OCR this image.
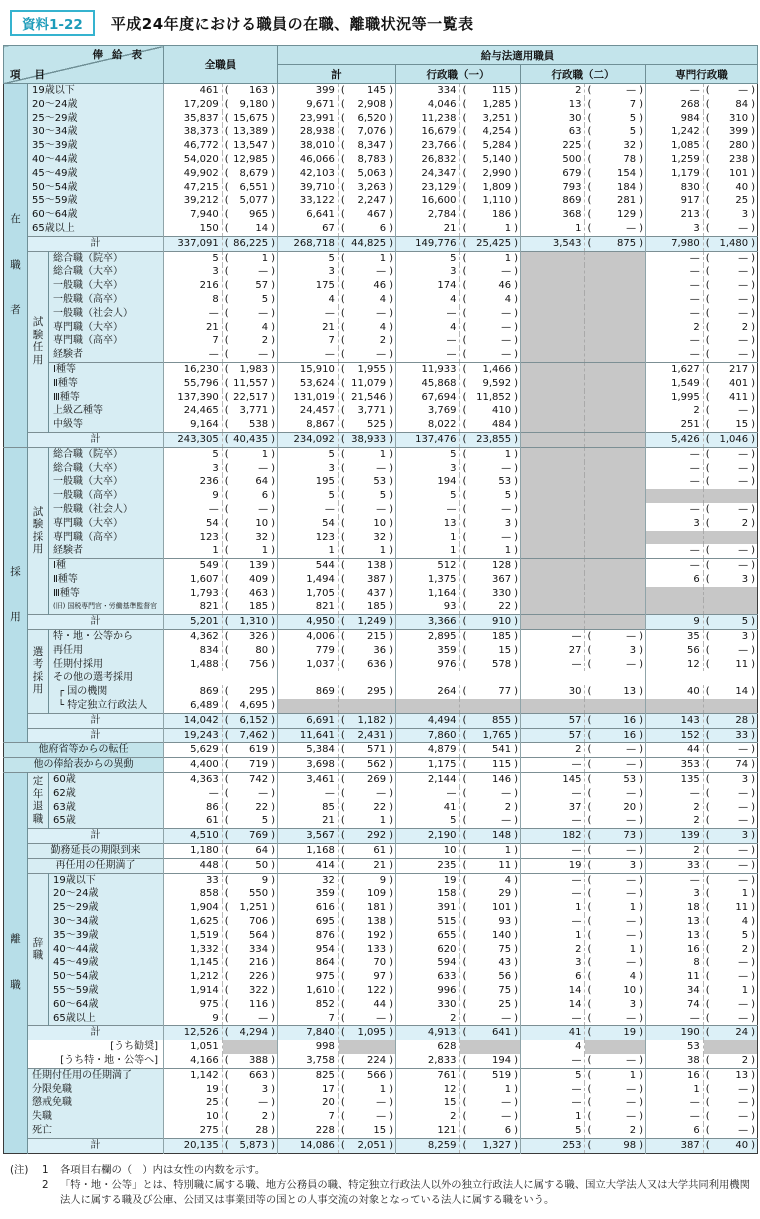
資料1-22	平成24年度における職員の在職、離職状況等一覧表
俸給表
項目			全職員	給与法適用職員			
				計	行政職（一）	行政職（二）	専門行政職

在
職
者	19歳以下		461 ( 163 )	399 ( 145 )	334 ( 115 )	2 ( — )	— ( — )

	20〜24歳		17,209 ( 9,180 )	9,671 ( 2,908 )	4,046 ( 1,285 )	13 ( 7 )	268 ( 84 )

	25〜29歳		35,837 ( 15,675 )	23,991 ( 6,520 )	11,238 ( 3,251 )	30 ( 5 )	984 ( 310 )

	30〜34歳		38,373 ( 13,389 )	28,938 ( 7,076 )	16,679 ( 4,254 )	63 ( 5 )	1,242 ( 399 )

	35〜39歳		46,772 ( 13,547 )	38,010 ( 8,347 )	23,766 ( 5,284 )	225 ( 32 )	1,085 ( 280 )

	40〜44歳		54,020 ( 12,985 )	46,066 ( 8,783 )	26,832 ( 5,140 )	500 ( 78 )	1,259 ( 238 )

	45〜49歳		49,902 ( 8,679 )	42,103 ( 5,063 )	24,347 ( 2,990 )	679 ( 154 )	1,179 ( 101 )

	50〜54歳		47,215 ( 6,551 )	39,710 ( 3,263 )	23,129 ( 1,809 )	793 ( 184 )	830 ( 40 )

	55〜59歳		39,212 ( 5,077 )	33,122 ( 2,247 )	16,600 ( 1,110 )	869 ( 281 )	917 ( 25 )

	60〜64歳		7,940 ( 965 )	6,641 ( 467 )	2,784 ( 186 )	368 ( 129 )	213 ( 3 )

	65歳以上		150 ( 14 )	67 ( 6 )	21 ( 1 )	1 ( — )	3 ( — )

	計		337,091 ( 86,225 )	268,718 ( 44,825 )	149,776 ( 25,425 )	3,543 ( 875 )	7,980 ( 1,480 )

	試
験
任
用	総合職（院卒）	5 ( 1 )	5 ( 1 )	5 ( 1 )		— ( — )

		総合職（大卒）	3 ( — )	3 ( — )	3 ( — )		— ( — )

		一般職（大卒）	216 ( 57 )	175 ( 46 )	174 ( 46 )		— ( — )

		一般職（高卒）	8 ( 5 )	4 ( 4 )	4 ( 4 )		— ( — )

		一般職（社会人）	— ( — )	— ( — )	— ( — )		— ( — )

		専門職（大卒）	21 ( 4 )	21 ( 4 )	4 ( — )		2 ( 2 )

		専門職（高卒）	7 ( 2 )	7 ( 2 )	— ( — )		— ( — )

		経験者	— ( — )	— ( — )	— ( — )		— ( — )

		Ⅰ種等	16,230 ( 1,983 )	15,910 ( 1,955 )	11,933 ( 1,466 )		1,627 ( 217 )

		Ⅱ種等	55,796 ( 11,557 )	53,624 ( 11,079 )	45,868 ( 9,592 )		1,549 ( 401 )

		Ⅲ種等	137,390 ( 22,517 )	131,019 ( 21,546 )	67,694 ( 11,852 )		1,995 ( 411 )

		上級乙種等	24,465 ( 3,771 )	24,457 ( 3,771 )	3,769 ( 410 )		2 ( — )

		中級等	9,164 ( 538 )	8,867 ( 525 )	8,022 ( 484 )		251 ( 15 )

	計		243,305 ( 40,435 )	234,092 ( 38,933 )	137,476 ( 23,855 )		5,426 ( 1,046 )

採
用	試
験
採
用	総合職（院卒）	5 ( 1 )	5 ( 1 )	5 ( 1 )		— ( — )

		総合職（大卒）	3 ( — )	3 ( — )	3 ( — )		— ( — )

		一般職（大卒）	236 ( 64 )	195 ( 53 )	194 ( 53 )		— ( — )

		一般職（高卒）	9 ( 6 )	5 ( 5 )	5 ( 5 )		

		一般職（社会人）	— ( — )	— ( — )	— ( — )		— ( — )

		専門職（大卒）	54 ( 10 )	54 ( 10 )	13 ( 3 )		3 ( 2 )

		専門職（高卒）	123 ( 32 )	123 ( 32 )	1 ( — )		

		経験者	1 ( 1 )	1 ( 1 )	1 ( 1 )		— ( — )

		Ⅰ種	549 ( 139 )	544 ( 138 )	512 ( 128 )		— ( — )

		Ⅱ種等	1,607 ( 409 )	1,494 ( 387 )	1,375 ( 367 )		6 ( 3 )

		Ⅲ種等	1,793 ( 463 )	1,705 ( 437 )	1,164 ( 330 )		

		(旧) 国税専門官・労働基準監督官	821 ( 185 )	821 ( 185 )	93 ( 22 )		

	計		5,201 ( 1,310 )	4,950 ( 1,249 )	3,366 ( 910 )		9 ( 5 )

	選
考
採
用	特・地・公等から	4,362 ( 326 )	4,006 ( 215 )	2,895 ( 185 )	— ( — )	35 ( 3 )

		再任用	834 ( 80 )	779 ( 36 )	359 ( 15 )	27 ( 3 )	56 ( — )

		任期付採用	1,488 ( 756 )	1,037 ( 636 )	976 ( 578 )	— ( — )	12 ( 11 )

		その他の選考採用					
		┌ 国の機関	869 ( 295 )	869 ( 295 )	264 ( 77 )	30 ( 13 )	40 ( 14 )

		└ 特定独立行政法人	6,489 ( 4,695 )				

	計		14,042 ( 6,152 )	6,691 ( 1,182 )	4,494 ( 855 )	57 ( 16 )	143 ( 28 )

	計		19,243 ( 7,462 )	11,641 ( 2,431 )	7,860 ( 1,765 )	57 ( 16 )	152 ( 33 )

他府省等からの転任			5,629 ( 619 )	5,384 ( 571 )	4,879 ( 541 )	2 ( — )	44 ( — )

他の俸給表からの異動			4,400 ( 719 )	3,698 ( 562 )	1,175 ( 115 )	— ( — )	353 ( 74 )

離
職	定
年
退
職	60歳	4,363 ( 742 )	3,461 ( 269 )	2,144 ( 146 )	145 ( 53 )	135 ( 3 )

		62歳	— ( — )	— ( — )	— ( — )	— ( — )	— ( — )

		63歳	86 ( 22 )	85 ( 22 )	41 ( 2 )	37 ( 20 )	2 ( — )

		65歳	61 ( 5 )	21 ( 1 )	5 ( — )	— ( — )	2 ( — )

	計		4,510 ( 769 )	3,567 ( 292 )	2,190 ( 148 )	182 ( 73 )	139 ( 3 )

	勤務延長の期限到来		1,180 ( 64 )	1,168 ( 61 )	10 ( 1 )	— ( — )	2 ( — )

	再任用の任期満了		448 ( 50 )	414 ( 21 )	235 ( 11 )	19 ( 3 )	33 ( — )

	辞
職	19歳以下	33 ( 9 )	32 ( 9 )	19 ( 4 )	— ( — )	— ( — )

		20〜24歳	858 ( 550 )	359 ( 109 )	158 ( 29 )	— ( — )	3 ( 1 )

		25〜29歳	1,904 ( 1,251 )	616 ( 181 )	391 ( 101 )	1 ( 1 )	18 ( 11 )

		30〜34歳	1,625 ( 706 )	695 ( 138 )	515 ( 93 )	— ( — )	13 ( 4 )

		35〜39歳	1,519 ( 564 )	876 ( 192 )	655 ( 140 )	1 ( — )	13 ( 5 )

		40〜44歳	1,332 ( 334 )	954 ( 133 )	620 ( 75 )	2 ( 1 )	16 ( 2 )

		45〜49歳	1,145 ( 216 )	864 ( 70 )	594 ( 43 )	3 ( — )	8 ( — )

		50〜54歳	1,212 ( 226 )	975 ( 97 )	633 ( 56 )	6 ( 4 )	11 ( — )

		55〜59歳	1,914 ( 322 )	1,610 ( 122 )	996 ( 75 )	14 ( 10 )	34 ( 1 )

		60〜64歳	975 ( 116 )	852 ( 44 )	330 ( 25 )	14 ( 3 )	74 ( — )

		65歳以上	9 ( — )	7 ( — )	2 ( — )	— ( — )	— ( — )

	計		12,526 ( 4,294 )	7,840 ( 1,095 )	4,913 ( 641 )	41 ( 19 )	190 ( 24 )

	[うち勧奨]		1,051	998	628	4	53
	[うち特・地・公等へ]		4,166 ( 388 )	3,758 ( 224 )	2,833 ( 194 )	— ( — )	38 ( 2 )

	任期付任用の任期満了		1,142 ( 663 )	825 ( 566 )	761 ( 519 )	5 ( 1 )	16 ( 13 )

	分限免職		19 ( 3 )	17 ( 1 )	12 ( 1 )	— ( — )	1 ( — )

	懲戒免職		25 ( — )	20 ( — )	15 ( — )	— ( — )	— ( — )

	失職		10 ( 2 )	7 ( — )	2 ( — )	1 ( — )	— ( — )

	死亡		275 ( 28 )	228 ( 15 )	121 ( 6 )	5 ( 2 )	6 ( — )

	計		20,135 ( 5,873 )	14,086 ( 2,051 )	8,259 ( 1,327 )	253 ( 98 )	387 ( 40 )
(注)	1	各項目右欄の（　）内は女性の内数を示す。
2	「特・地・公等」とは、特別職に属する職、地方公務員の職、特定独立行政法人以外の独立行政法人に属する職、国立大学法人又は大学共同利用機関法人に属する職及び公庫、公団又は事業団等の国との人事交流の対象となっている法人に属する職をいう。
